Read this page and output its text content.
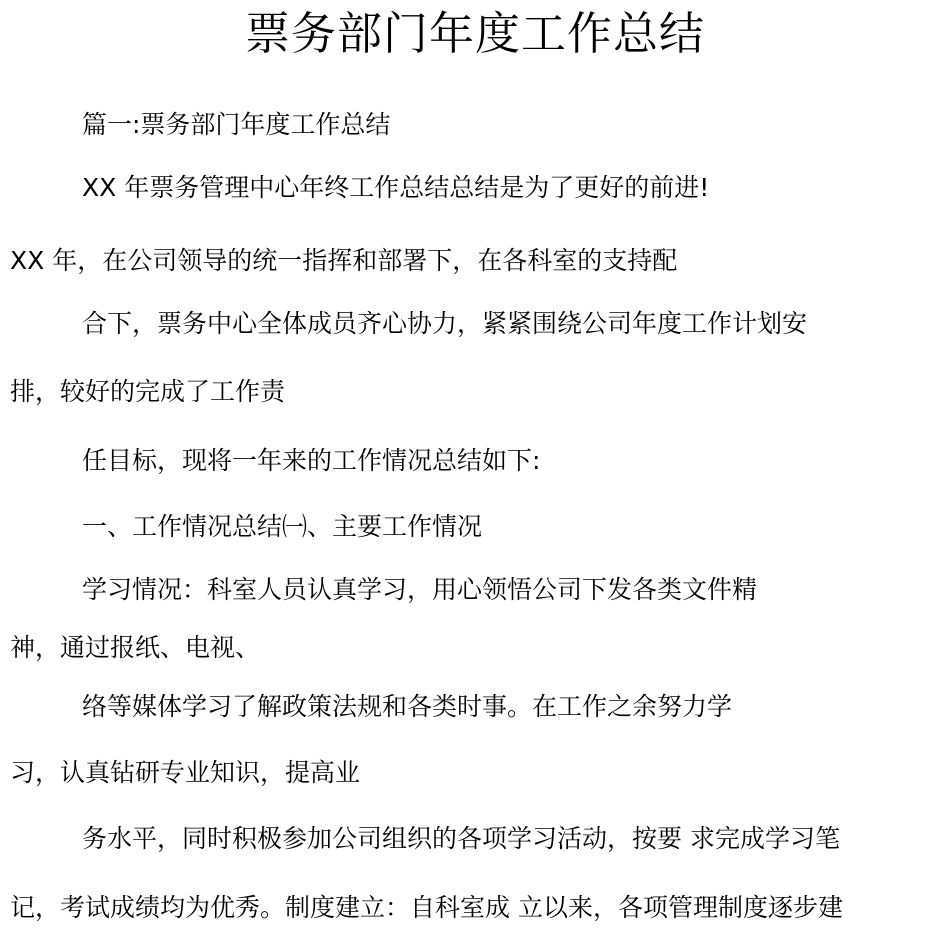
票务部门年度工作总结
篇一:票务部门年度工作总结
XX 年票务管理中心年终工作总结总结是为了更好的前进!
XX 年，在公司领导的统一指挥和部署下，在各科室的支持配
合下，票务中心全体成员齐心协力，紧紧围绕公司年度工作计划安
排，较好的完成了工作责
任目标，现将一年来的工作情况总结如下:
一、工作情况总结㈠、主要工作情况
学习情况：科室人员认真学习，用心领悟公司下发各类文件精
神，通过报纸、电视、
络等媒体学习了解政策法规和各类时事。在工作之余努力学
习，认真钻研专业知识，提高业
务水平，同时积极参加公司组织的各项学习活动，按要 求完成学习笔
记，考试成绩均为优秀。制度建立：自科室成 立以来，各项管理制度逐步建
